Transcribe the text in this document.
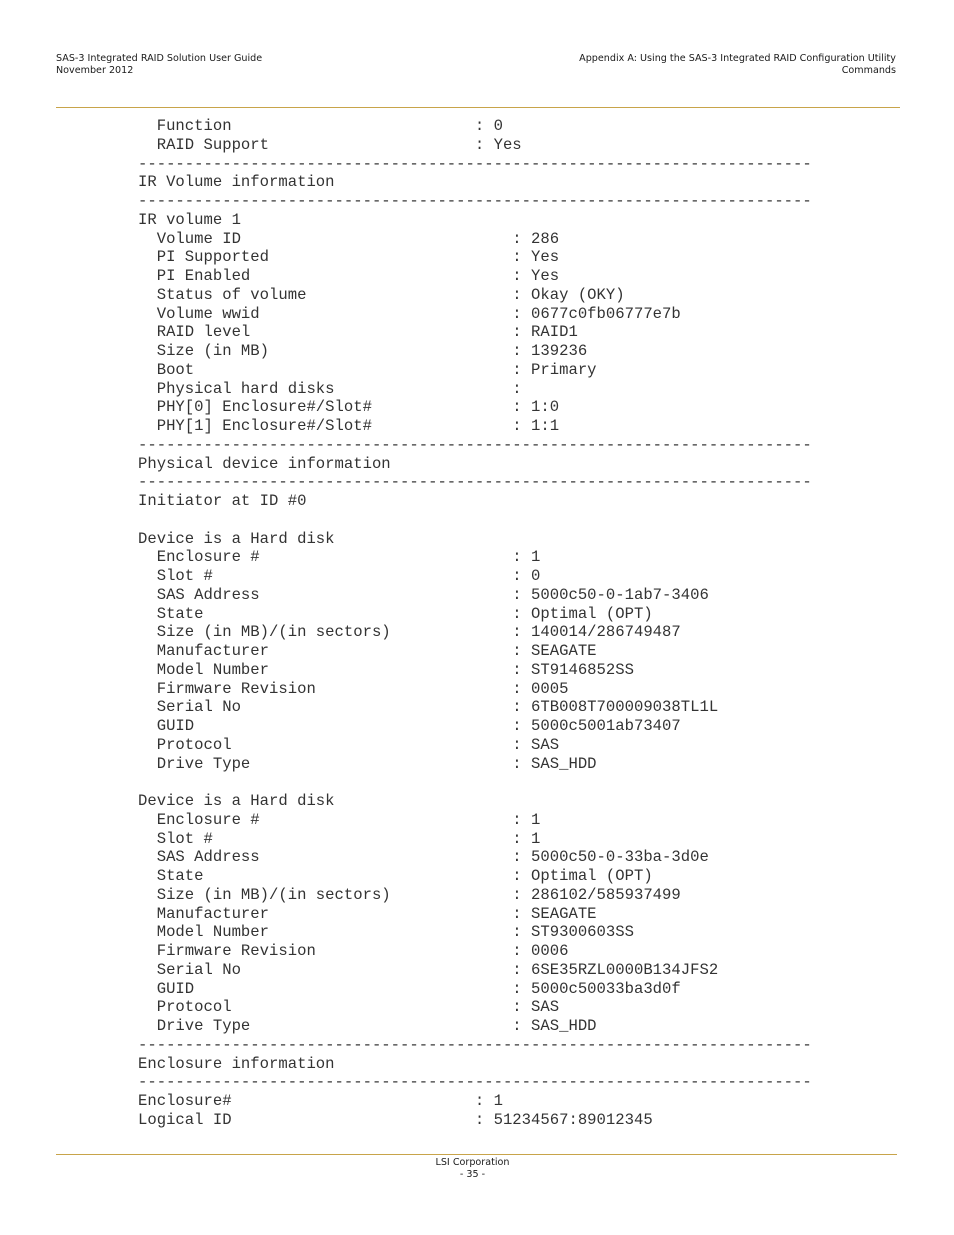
SAS-3 Integrated RAID Solution User Guide
November 2012
Appendix A: Using the SAS-3 Integrated RAID Configuration Utility
Commands
Function                          : 0
RAID Support                      : Yes
------------------------------------------------------------------------
IR Volume information
------------------------------------------------------------------------
IR volume 1
Volume ID                             : 286
PI Supported                          : Yes
PI Enabled                            : Yes
Status of volume                      : Okay (OKY)
Volume wwid                           : 0677c0fb06777e7b
RAID level                            : RAID1
Size (in MB)                          : 139236
Boot                                  : Primary
Physical hard disks                   :
PHY[0] Enclosure#/Slot#               : 1:0
PHY[1] Enclosure#/Slot#               : 1:1
------------------------------------------------------------------------
Physical device information
------------------------------------------------------------------------
Initiator at ID #0
Device is a Hard disk
Enclosure #                           : 1
Slot #                                : 0
SAS Address                           : 5000c50-0-1ab7-3406
State                                 : Optimal (OPT)
Size (in MB)/(in sectors)             : 140014/286749487
Manufacturer                          : SEAGATE
Model Number                          : ST9146852SS
Firmware Revision                     : 0005
Serial No                             : 6TB008T700009038TL1L
GUID                                  : 5000c5001ab73407
Protocol                              : SAS
Drive Type                            : SAS_HDD
Device is a Hard disk
Enclosure #                           : 1
Slot #                                : 1
SAS Address                           : 5000c50-0-33ba-3d0e
State                                 : Optimal (OPT)
Size (in MB)/(in sectors)             : 286102/585937499
Manufacturer                          : SEAGATE
Model Number                          : ST9300603SS
Firmware Revision                     : 0006
Serial No                             : 6SE35RZL0000B134JFS2
GUID                                  : 5000c50033ba3d0f
Protocol                              : SAS
Drive Type                            : SAS_HDD
------------------------------------------------------------------------
Enclosure information
------------------------------------------------------------------------
Enclosure#                          : 1
Logical ID                          : 51234567:89012345
LSI Corporation
- 35 -
